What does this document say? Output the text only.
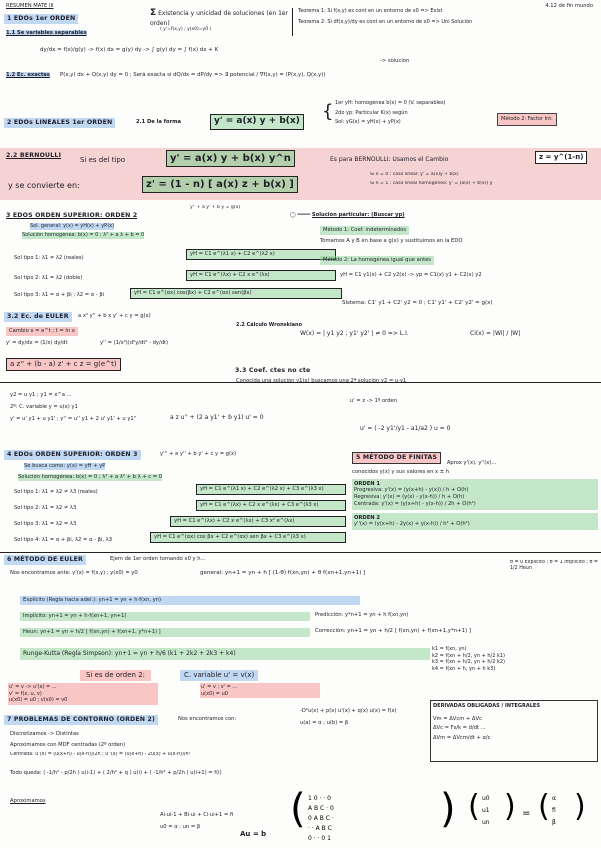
RESUMEN MATE III	4.12 de fin mundo
1 EDOs 1er ORDEN
Σ Existencia y unicidad de soluciones (en 1er orden)
( y'=f(x,y) ; y(x0)=y0 )
Teorema 1: Si f(x,y) es cont en un entorno de x0 => Exist
Teorema 2: Si df(x,y)/dy es cont en un entorno de x0 => Uni Solución
1.1 Se variables separables
dy/dx = f(x)/g(y) -> f(x) dx = g(y) dy -> ∫ g(y) dy = ∫ f(x) dx + K
-> solución
1.2 Ec. exactas P(x,y) dx + Q(x,y) dy = 0 ; Será exacta si dQ/dx = dP/dy => ∃ potencial / ∇f(x,y) = (P(x,y), Q(x,y))
2 EDOs LINEALES 1er ORDEN	2.1 De la forma	y' = a(x) y + b(x) { 1er yH: homogénea b(x) = 0 (V. separables)
2do yp: Particular K(x) según
Sol: yG(x) = yH(x) + yP(x)	Método 2: Factor Int.
2.2 BERNOULLI
Si es del tipo	y' = a(x) y + b(x) y^n	Es para BERNOULLI: Usamos el Cambio	z = y^(1-n)
y se convierte en:	z' = (1 - n) [ a(x) z + b(x) ]
Si n = 0 : caso lineal: y' = a(x)y + b(x)
Si n = 1 : caso lineal homogéneo: y' = (a(x) + b(x)) y
3 EDOS ORDEN SUPERIOR: ORDEN 2
y'' + a y' + b y = g(x)
Sol. general: y(x) = yH(x) + yP(x)
Solución homogénea: b(x) = 0 ; λ² + a λ + b = 0
Sol tipo 1: λ1 ≠ λ2 (reales)
yH = C1 e^(λ1 x) + C2 e^(λ2 x)
Sol tipo 2: λ1 = λ2 (doble)	yH = C1 e^(λx) + C2 x e^(λx)
Sol tipo 3: λ1 = α + βi ; λ2 = α - βi	yH = C1 e^(αx) cos(βx) + C2 e^(αx) sen(βx)
◯ ━━━━ Solución particular: (Buscar yp)
Método 1: Coef. indeterminados
Tomamos A y B en base a g(x) y sustituimos en la EDO
Método 2: La homogénea igual que antes
yH = C1 y1(x) + C2 y2(x) -> yp = C1(x) y1 + C2(x) y2
Sistema: C1' y1 + C2' y2 = 0 ; C1' y1' + C2' y2' = g(x)
3.2 Ec. de EULER	a x² y'' + b x y' + c y = g(x)
Cambio x = e^t ; t = ln x
y' = dy/dx = (1/x) dy/dt	y'' = (1/x²)(d²y/dt² - dy/dt)
a z'' + (b - a) z' + c z = g(e^t)
2.2 Cálculo Wronskiano
W(x) = | y1 y2 ; y1' y2' | ≠ 0 => L.I.	Ci(x) = |Wi| / |W|
3.3 Coef. ctes no cte
Conocida una solución y1(x) buscamos una 2ª solución y2 = u·y1
y2 = u y1 ; y1 = x^a ...
2º: C. variable y = u(x) y1
y' = u' y1 + u y1' ; y'' = u'' y1 + 2 u' y1' + u y1''	a z u'' + (2 a y1' + b y1) u' = 0
u' = z -> 1º orden
u' = ( -2 y1'/y1 - a1/a2 ) u = 0
4 EDOs ORDEN SUPERIOR: ORDEN 3	y''' + a y'' + b y' + c y = g(x)
Se busca como: y(x) = yH + yP
Solución homogénea: b(x) = 0 ; λ³ + a λ² + b λ + c = 0
Sol tipo 1: λ1 ≠ λ2 ≠ λ3 (reales)	yH = C1 e^(λ1 x) + C2 e^(λ2 x) + C3 e^(λ3 x)
Sol tipo 2: λ1 = λ2 ≠ λ3	yH = C1 e^(λx) + C2 x e^(λx) + C3 e^(λ3 x)
Sol tipo 3: λ1 = λ2 = λ3	yH = C1 e^(λx) + C2 x e^(λx) + C3 x² e^(λx)
Sol tipo 4: λ1 = α + βi, λ2 = α - βi, λ3	yH = C1 e^(αx) cos βx + C2 e^(αx) sen βx + C3 e^(λ3 x)
5 MÉTODO DE FINITAS Aprox y'(x), y''(x)...
conocidos y(x) y sus valores en x ± h
ORDEN 1
Progresiva: y'(x) = (y(x+h) - y(x)) / h + O(h)
Regresiva: y'(x) = (y(x) - y(x-h)) / h + O(h)
Centrada: y'(x) = (y(x+h) - y(x-h)) / 2h + O(h²)
ORDEN 2
y''(x) = (y(x+h) - 2y(x) + y(x-h)) / h² + O(h²)
6 MÉTODO DE EULER	Ejem de 1er orden tomando x0 y h...
Nos encontramos ante: y'(x) = f(x,y) ; y(x0) = y0	general: yn+1 = yn + h [ (1-θ) f(xn,yn) + θ f(xn+1,yn+1) ]
θ = 0 Explícito ; θ = 1 Implícito ; θ = 1/2 Heun
Explícito (Regla hacia adel.): yn+1 = yn + h·f(xn, yn)
Implícito: yn+1 = yn + h·f(xn+1, yn+1)	Predicción: y*n+1 = yn + h f(xn,yn)
Heun: yn+1 = yn + h/2 [ f(xn,yn) + f(xn+1, y*n+1) ]	Corrección: yn+1 = yn + h/2 [ f(xn,yn) + f(xn+1,y*n+1) ]
Runge-Kutta (Regla Simpson): yn+1 = yn + h/6 (k1 + 2k2 + 2k3 + k4)
k1 = f(xn, yn)
k2 = f(xn + h/2, yn + h/2 k1)
k3 = f(xn + h/2, yn + h/2 k2)
k4 = f(xn + h, yn + h k3)
Si es de orden 2:	C. variable u' = v(x)
u' = v -> u'(x) = ...
v' = f(x, u, v)
u(x0) = u0 ; v(x0) = v0
u' = v ; v' = ...
u(x0) = u0
7 PROBLEMAS DE CONTORNO (ORDEN 2)	Nos encontramos con:
-D²u(x) + p(x) u'(x) + q(x) u(x) = f(x)
u(a) = α ; u(b) = β
Discretizamos -> Distintas
Aproximamos con MDF centradas (2º orden)
Centrada: u'(x) = (u(x+h) - u(x-h))/2h ; u''(x) = (u(x+h) - 2u(x) + u(x-h))/h²
Todo queda: ( -1/h² - p/2h ) u(i-1) + ( 2/h² + q ) u(i) + ( -1/h² + p/2h ) u(i+1) = f(i)
Aproximamos
Ai·ui-1 + Bi·ui + Ci·ui+1 = fi
u0 = α ; un = β
Au = b
(	)
1 0 · · 0
A B C · 0
0 A B C ·
· · A B C
0 · · 0 1
( )
u0
u1
un
= ( )
α
fi
β
DERIVADAS OBLIGADAS / INTEGRALES
Vm = ΔVcm + ΔVc
ΔVc = Fs/k = d/dt ...
ΔVm = ΔVcm/dt + α/c
